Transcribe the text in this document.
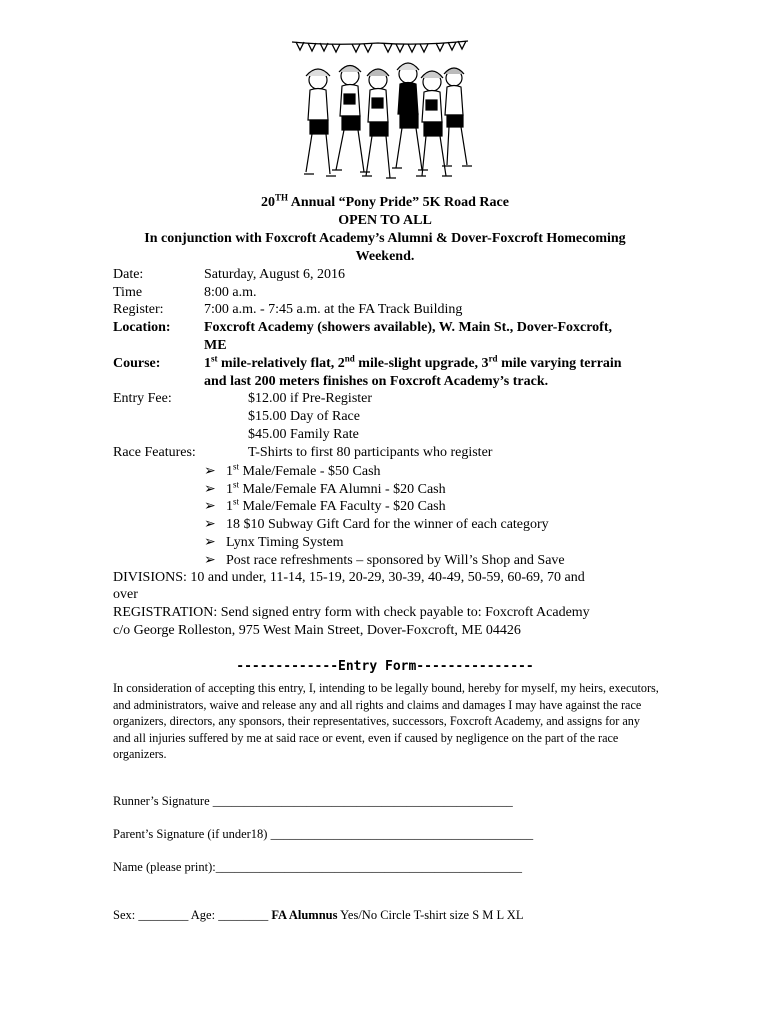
20TH Annual “Pony Pride” 5K Road Race
OPEN TO ALL
In conjunction with Foxcroft Academy’s Alumni & Dover-Foxcroft Homecoming
Weekend.
Date:	Saturday, August 6, 2016
Time	8:00 a.m.
Register:	7:00 a.m. - 7:45 a.m. at the FA Track Building
Location: Foxcroft Academy (showers available), W. Main St., Dover-Foxcroft,
ME
Course:	1st mile-relatively flat, 2nd mile-slight upgrade, 3rd mile varying terrain
and last 200 meters finishes on Foxcroft Academy’s track.
Entry Fee:	$12.00 if Pre-Register
$15.00 Day of Race
$45.00 Family Rate
Race Features:	T-Shirts to first 80 participants who register
➢ 1st Male/Female - $50 Cash
➢ 1st Male/Female FA Alumni - $20 Cash
➢ 1st Male/Female FA Faculty - $20 Cash
➢ 18 $10 Subway Gift Card for the winner of each category
➢ Lynx Timing System
➢ Post race refreshments – sponsored by Will’s Shop and Save
DIVISIONS: 10 and under, 11-14, 15-19, 20-29, 30-39, 40-49, 50-59, 60-69, 70 and
over
REGISTRATION: Send signed entry form with check payable to: Foxcroft Academy
c/o George Rolleston, 975 West Main Street, Dover-Foxcroft, ME 04426
-------------Entry Form---------------
In consideration of accepting this entry, I, intending to be legally bound, hereby for myself, my heirs, executors, and administrators, waive and release any and all rights and claims and damages I may have against the race organizers, directors, any sponsors, their representatives, successors, Foxcroft Academy, and assigns for any and all injuries suffered by me at said race or event, even if caused by negligence on the part of the race organizers.
Runner’s Signature ________________________________________________
Parent’s Signature (if under18) __________________________________________
Name (please print):_________________________________________________
Sex: ________ Age: ________ FA Alumnus Yes/No Circle T-shirt size S M L XL
